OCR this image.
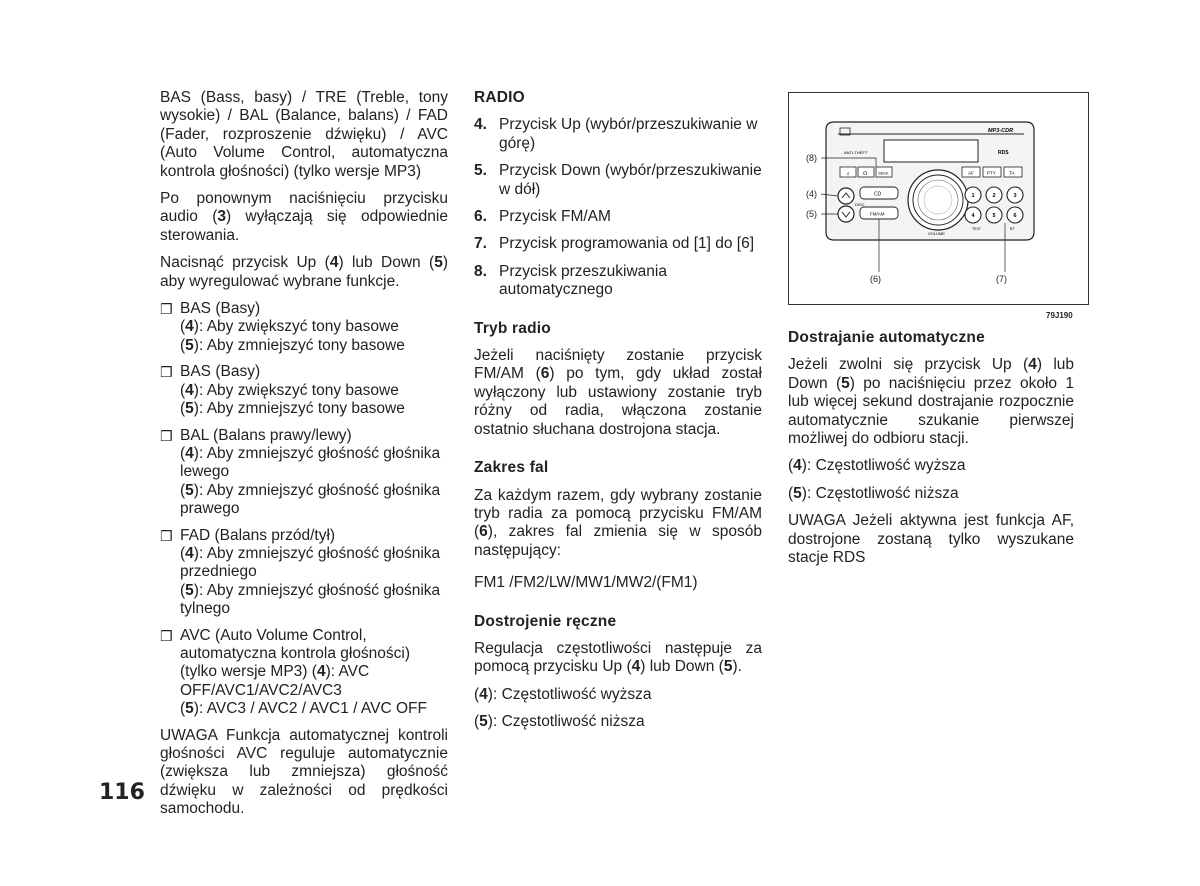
BAS (Bass, basy) / TRE (Treble, tony wysokie) / BAL (Balance, balans) / FAD (Fader, rozproszenie dźwięku) / AVC (Auto Volume Control, automatyczna kontrola głośności) (tylko wersje MP3)

Po ponownym naciśnięciu przycisku audio (3) wyłączają się odpowiednie sterowania.

Nacisnąć przycisk Up (4) lub Down (5) aby wyregulować wybrane funkcje.

❒ BAS (Basy)
(4): Aby zwiększyć tony basowe
(5): Aby zmniejszyć tony basowe
❒ BAS (Basy)
(4): Aby zwiększyć tony basowe
(5): Aby zmniejszyć tony basowe
❒ BAL (Balans prawy/lewy)
(4): Aby zmniejszyć głośność głośnika lewego
(5): Aby zmniejszyć głośność głośnika prawego
❒ FAD (Balans przód/tył)
(4): Aby zmniejszyć głośność głośnika przedniego
(5): Aby zmniejszyć głośność głośnika tylnego
❒ AVC (Auto Volume Control, automatyczna kontrola głośności) (tylko wersje MP3) (4): AVC OFF/AVC1/AVC2/AVC3
(5): AVC3 / AVC2 / AVC1 / AVC OFF

UWAGA Funkcja automatycznej kontroli głośności AVC reguluje automatycznie (zwiększa lub zmniejsza) głośność dźwięku w zależności od prędkości samochodu.

RADIO
4. Przycisk Up (wybór/przeszukiwanie w górę)
5. Przycisk Down (wybór/przeszukiwanie w dół)
6. Przycisk FM/AM
7. Przycisk programowania od [1] do [6]
8. Przycisk przeszukiwania automatycznego
Tryb radio

Jeżeli naciśnięty zostanie przycisk FM/AM (6) po tym, gdy układ został wyłączony lub ustawiony zostanie tryb różny od radia, włączona zostanie ostatnio słuchana dostrojona stacja.

Zakres fal

Za każdym razem, gdy wybrany zostanie tryb radia za pomocą przycisku FM/AM (6), zakres fal zmienia się w sposób następujący:

FM1 /FM2/LW/MW1/MW2/(FM1)

Dostrojenie ręczne

Regulacja częstotliwości następuje za pomocą przycisku Up (4) lub Down (5).

(4): Częstotliwość wyższa

(5): Częstotliwość niższa

MP3-CDR
ANTI-THEFT	RDS
♫	☊	SEEK
DISC
CD
FM/AM
VOLUME
AF	PTY	TA
1	2	3
4	5	6
TEXT	BT
(8)
(4)
(5)
(6)	(7)
79J190
Dostrajanie automatyczne

Jeżeli zwolni się przycisk Up (4) lub Down (5) po naciśnięciu przez około 1 lub więcej sekund dostrajanie rozpocznie automatycznie szukanie pierwszej możliwej do odbioru stacji.

(4): Częstotliwość wyższa

(5): Częstotliwość niższa

UWAGA Jeżeli aktywna jest funkcja AF, dostrojone zostaną tylko wyszukane stacje RDS

116
